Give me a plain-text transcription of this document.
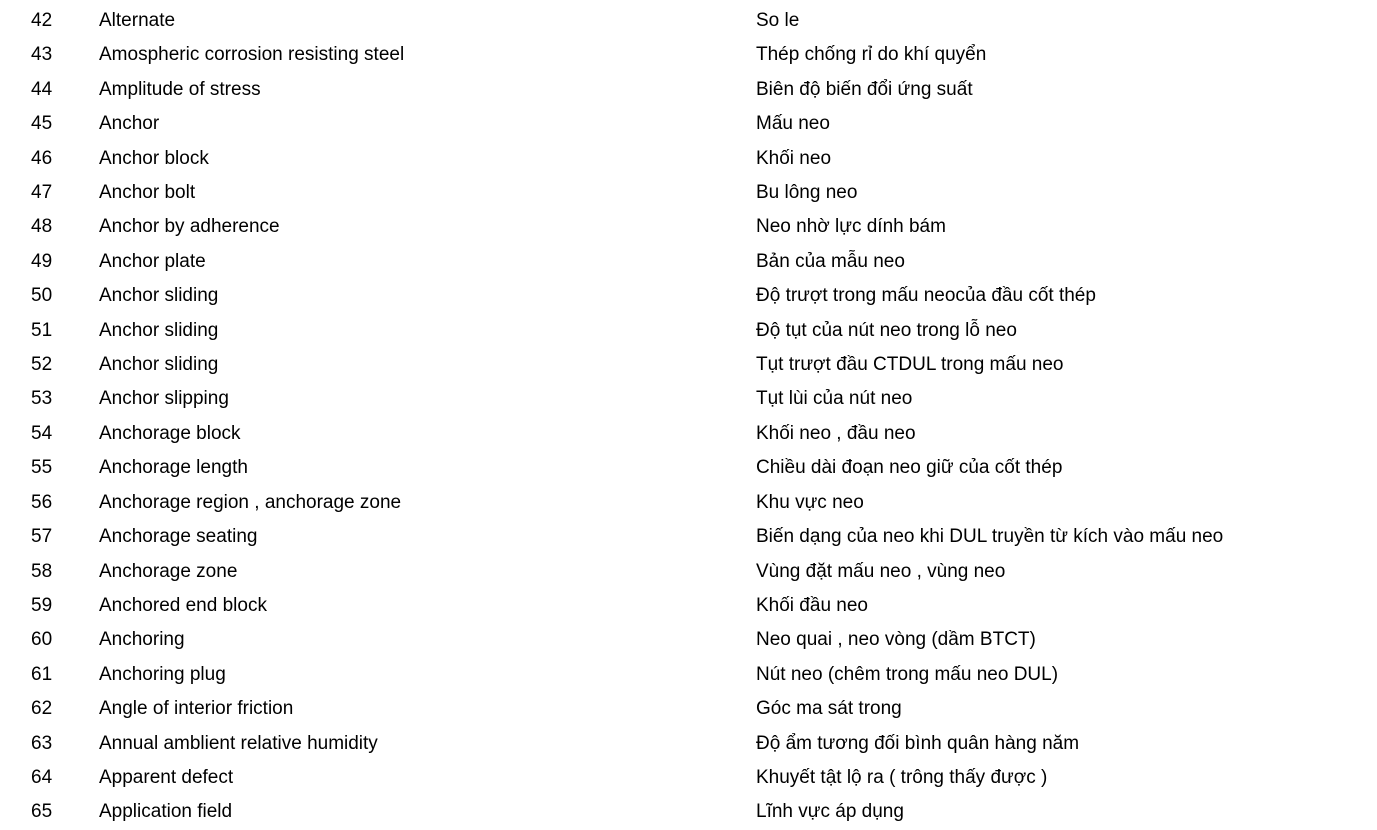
42	Alternate	So le
43	Amospheric corrosion resisting steel	Thép chống rỉ do khí quyển
44	Amplitude of stress	Biên độ biến đổi ứng suất
45	Anchor	Mấu neo
46	Anchor block	Khối neo
47	Anchor bolt	Bu lông neo
48	Anchor by adherence	Neo nhờ lực dính bám
49	Anchor plate	Bản của mẫu neo
50	Anchor sliding	Độ trượt trong mấu neocủa đầu cốt thép
51	Anchor sliding	Độ tụt của nút neo trong lỗ neo
52	Anchor sliding	Tụt trượt đầu CTDUL trong mấu neo
53	Anchor slipping	Tụt lùi của nút neo
54	Anchorage block	Khối neo , đầu neo
55	Anchorage length	Chiều dài đoạn neo giữ của cốt thép
56	Anchorage region , anchorage zone	Khu vực neo
57	Anchorage seating	Biến dạng của neo khi DUL truyền từ kích vào mấu neo
58	Anchorage zone	Vùng đặt mấu neo , vùng neo
59	Anchored end block	Khối đầu neo
60	Anchoring	Neo quai , neo vòng (dầm BTCT)
61	Anchoring plug	Nút neo (chêm trong mấu neo DUL)
62	Angle of interior friction	Góc ma sát trong
63	Annual amblient relative humidity	Độ ẩm tương đối bình quân hàng năm
64	Apparent defect	Khuyết tật lộ ra ( trông thấy được )
65	Application field	Lĩnh vực áp dụng
